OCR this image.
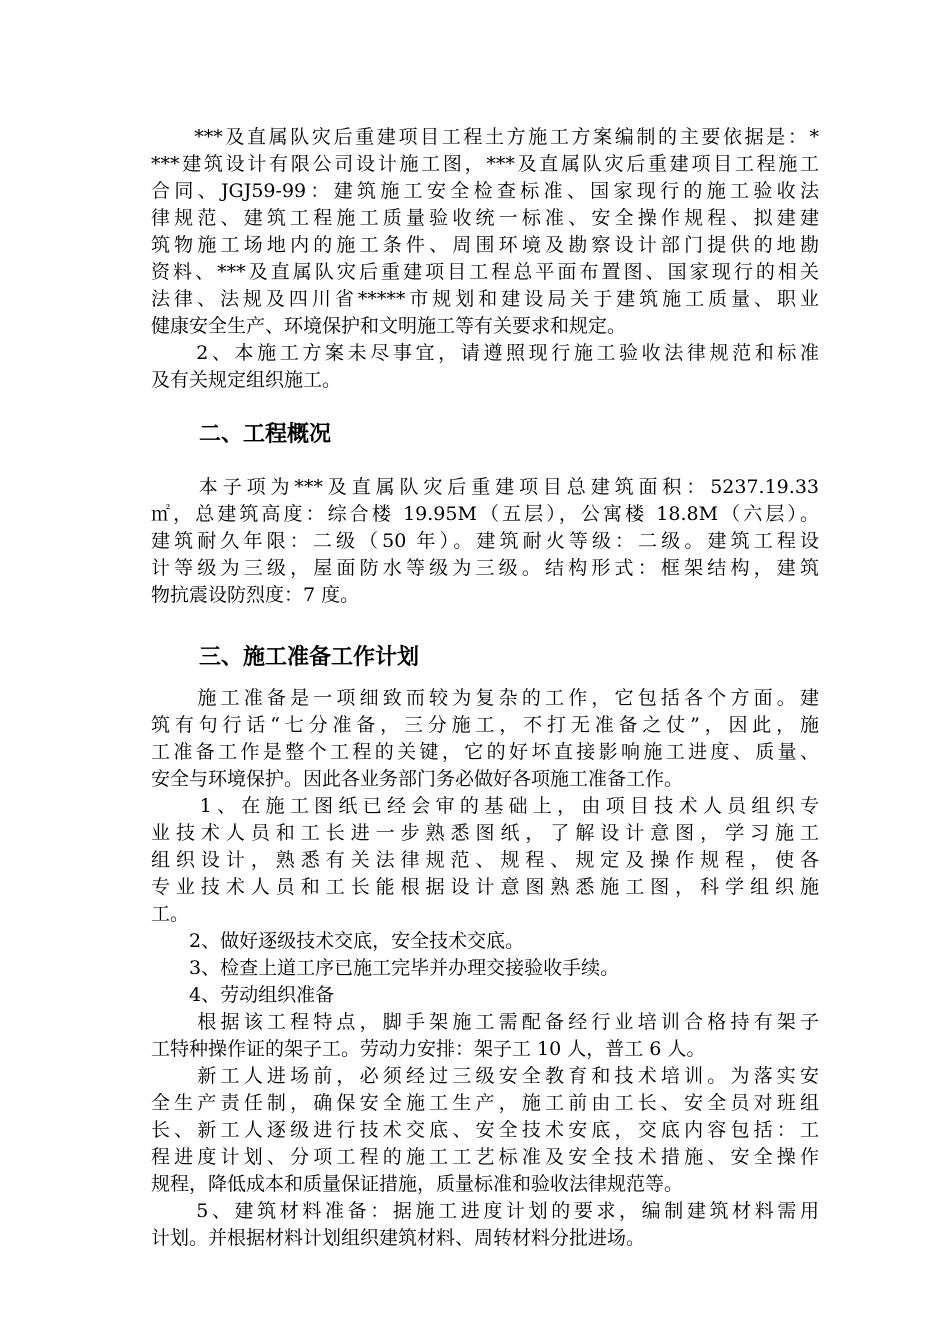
　　***及直属队灾后重建项目工程土方施工方案编制的主要依据是：*
***建筑设计有限公司设计施工图，***及直属队灾后重建项目工程施工
合同、JGJ59-99：建筑施工安全检查标准、国家现行的施工验收法
律规范、建筑工程施工质量验收统一标准、安全操作规程、拟建建
筑物施工场地内的施工条件、周围环境及勘察设计部门提供的地勘
资料、***及直属队灾后重建项目工程总平面布置图、国家现行的相关
法律、法规及四川省*****市规划和建设局关于建筑施工质量、职业
健康安全生产、环境保护和文明施工等有关要求和规定。
　　2、本施工方案未尽事宜，请遵照现行施工验收法律规范和标准
及有关规定组织施工。
二、工程概况
　　本子项为***及直属队灾后重建项目总建筑面积：5237.19.33
㎡，总建筑高度：综合楼 19.95M（五层），公寓楼 18.8M（六层）。
建筑耐久年限：二级（50 年）。建筑耐火等级：二级。建筑工程设
计等级为三级，屋面防水等级为三级。结构形式：框架结构，建筑
物抗震设防烈度：7 度。
三、施工准备工作计划
　　施工准备是一项细致而较为复杂的工作，它包括各个方面。建
筑有句行话“七分准备，三分施工，不打无准备之仗”，因此，施
工准备工作是整个工程的关键，它的好坏直接影响施工进度、质量、
安全与环境保护。因此各业务部门务必做好各项施工准备工作。
　　1、在施工图纸已经会审的基础上，由项目技术人员组织专
业技术人员和工长进一步熟悉图纸，了解设计意图，学习施工
组织设计，熟悉有关法律规范、规程、规定及操作规程，使各
专业技术人员和工长能根据设计意图熟悉施工图，科学组织施
工。
　　2、做好逐级技术交底，安全技术交底。
　　3、检查上道工序已施工完毕并办理交接验收手续。
　　4、劳动组织准备
　　根据该工程特点，脚手架施工需配备经行业培训合格持有架子
工特种操作证的架子工。劳动力安排：架子工 10 人，普工 6 人。
　　新工人进场前，必须经过三级安全教育和技术培训。为落实安
全生产责任制，确保安全施工生产，施工前由工长、安全员对班组
长、新工人逐级进行技术交底、安全技术安底，交底内容包括：工
程进度计划、分项工程的施工工艺标准及安全技术措施、安全操作
规程，降低成本和质量保证措施，质量标准和验收法律规范等。
　　5、建筑材料准备：据施工进度计划的要求，编制建筑材料需用
计划。并根据材料计划组织建筑材料、周转材料分批进场。
